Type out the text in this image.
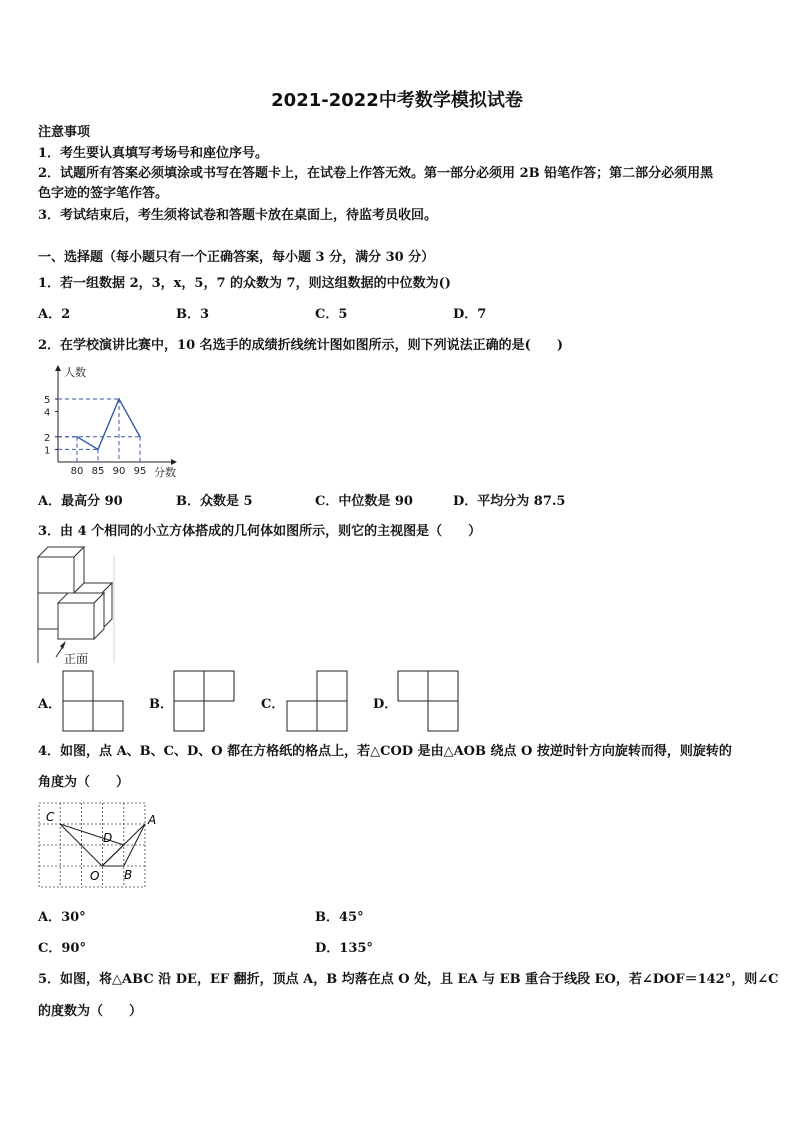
2021-2022中考数学模拟试卷
注意事项
1．考生要认真填写考场号和座位序号。
2．试题所有答案必须填涂或书写在答题卡上，在试卷上作答无效。第一部分必须用 2B 铅笔作答；第二部分必须用黑
色字迹的签字笔作答。
3．考试结束后，考生须将试卷和答题卡放在桌面上，待监考员收回。
一、选择题（每小题只有一个正确答案，每小题 3 分，满分 30 分）
1．若一组数据 2，3，x，5，7 的众数为 7，则这组数据的中位数为()
A．2	B．3	C．5	D．7
2．在学校演讲比赛中，10 名选手的成绩折线统计图如图所示，则下列说法正确的是(　　)
1
2
4
5
80 85 90 95
人数
分数
A．最高分 90	B．众数是 5	C．中位数是 90	D．平均分为 87.5
3．由 4 个相同的小立方体搭成的几何体如图所示，则它的主视图是（　　）
正面
A．	B．	C．	D．
4．如图，点 A、B、C、D、O 都在方格纸的格点上，若△COD 是由△AOB 绕点 O 按逆时针方向旋转而得，则旋转的
角度为（　　）
C	A
D
O B
A．30°	B．45°
C．90°	D．135°
5．如图，将△ABC 沿 DE，EF 翻折，顶点 A，B 均落在点 O 处，且 EA 与 EB 重合于线段 EO，若∠DOF＝142°，则∠C
的度数为（　　）
